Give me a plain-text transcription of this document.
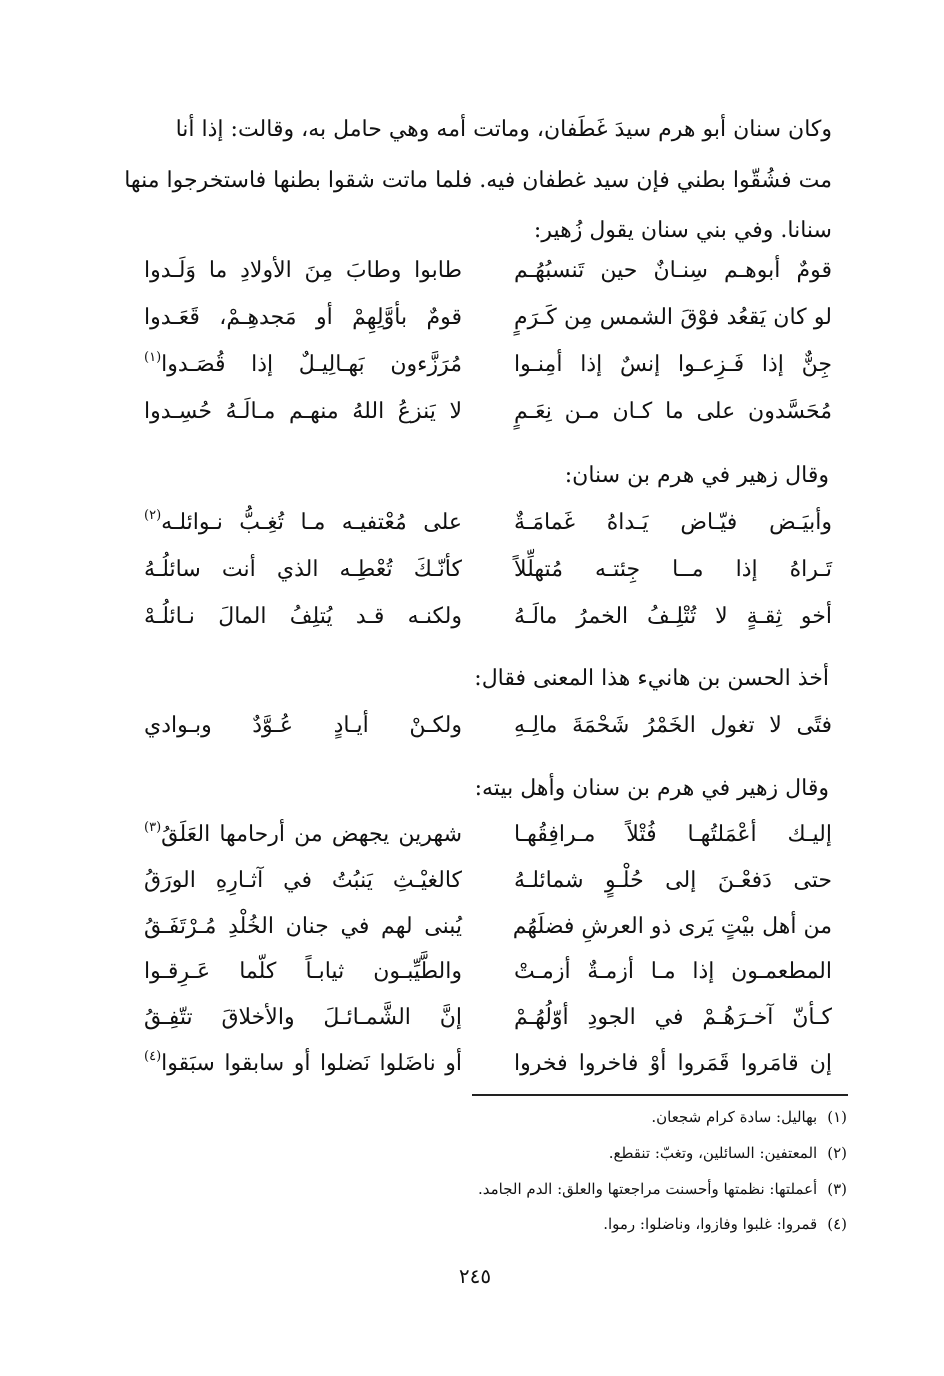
وكان سنان أبو هرم سيدَ غَطَفان، وماتت أمه وهي حامل به، وقالت: إذا أنا
مت فشُقّوا بطني فإن سيد غطفان فيه. فلما ماتت شقوا بطنها فاستخرجوا منها
سنانا. وفي بني سنان يقول زُهير:
قومٌ أبوهـم سِنـانٌ حين تَنسبُهُـم
طابوا وطابَ مِنَ الأولادِ ما وَلَـدوا
لو كان يَقعُد فوْقَ الشمس مِن كَـرَمٍ
قومٌ بأوَّلِهِمْ أو مَجدهِـمْ، قَعَـدوا
جِنٌّ إذا فَـزِعـوا إنسٌ إذا أمِنـوا
مُرَزَّءون بَهـالِيـلٌ إذا قُصَـدوا$^{(١)}$
مُحَسَّدون على ما كـان مـن نِعَـمٍ
لا يَنزعُ اللهُ منهـم مـالَـهُ حُسِـدوا
وقال زهير في هرم بن سنان:
وأبيَـض فيّـاض يَـداهُ غَمامَـةٌ
على مُعْتفيـه مـا تُغِـبُّ نـوائلـه$^{(٢)}$
تَـراهُ إذا مــا جِئتـه مُتهلِّلاً
كأنّـكَ تُعْطِـه الذي أنت سائلُـهُ
أخو ثِقـةٍ لا تُتْلِـفُ الخمرُ مالَـهُ
ولكنـه قـد يُتلِفُ المالَ نـائلُـهْ
أخذ الحسن بن هانيء هذا المعنى فقال:
فتًى لا تغول الخَمْرُ شَحْمَةَ مالِـهِ
ولكـنْ أيـادٍ عُـوَّدٌ وبـوادي
وقال زهير في هرم بن سنان وأهل بيته:
إليـك أعْمَلتُهـا فُتْلاً مـرافِقُهـا
شهرين يجهض من أرحامها العَلَقُ$^{(٣)}$
حتى دَفعْـنَ إلى حُلْـوٍ شمائلـهُ
كالغيْـثِ يَنبُتُ في آثـارِهِ الورَقُ
من أهل بيْتٍ يَرى ذو العرشِ فضلَهُم
يُبنى لهم في جنان الخُلْدِ مُـرْتَفَـقُ
المطعمـون إذا مـا أزمـةٌ أزمـتْ
والطَّيِّبـون ثيابـاً كلّما عَـرِقـوا
كـأنّ آخـرَهُـمْ في الجودِ أوّلُهُـمْ
إنَّ الشَّمـائـلَ والأخلاقَ تتّفِـقُ
إن قامَروا قَمَروا أوْ فاخروا فخروا
أو ناضَلوا نَضلوا أو سابقوا سبَقوا$^{(٤)}$
(١)بهاليل: سادة كرام شجعان.
(٢)المعتفين: السائلين، وتغبّ: تنقطع.
(٣)أعملتها: نظمتها وأحسنت مراجعتها والعلق: الدم الجامد.
(٤)قمروا: غلبوا وفازوا، وناضلوا: رموا.
٢٤٥
